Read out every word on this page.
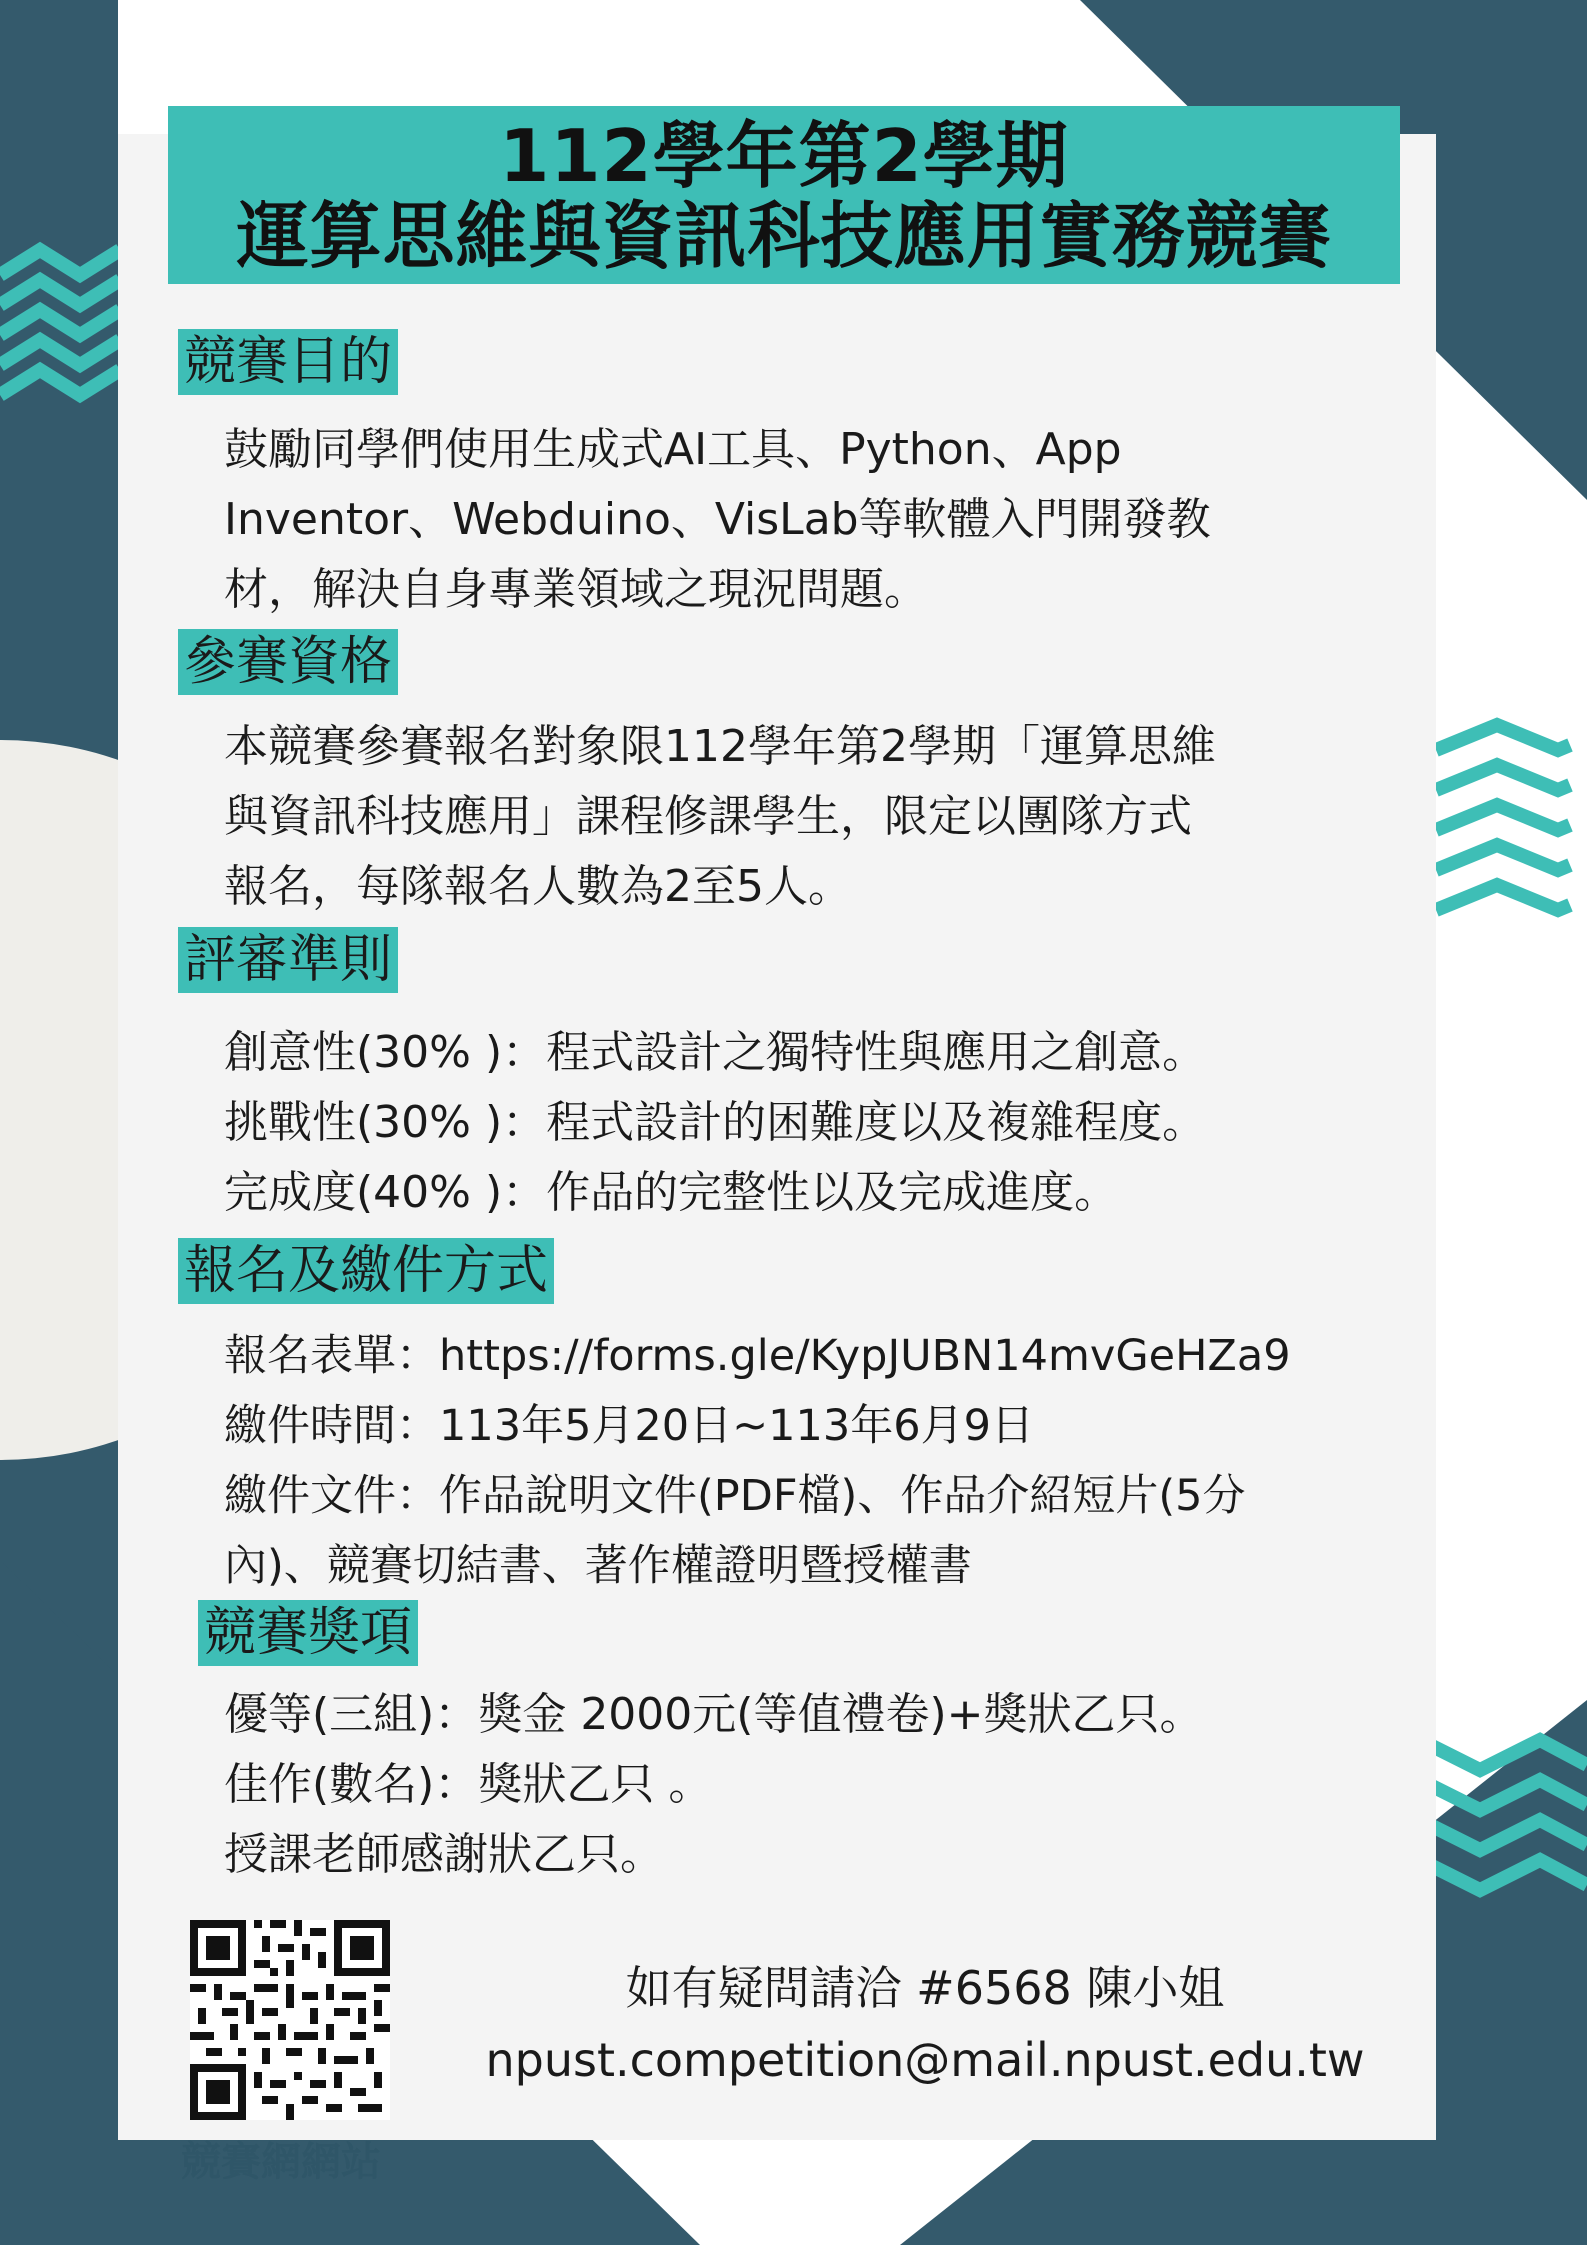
112學年第2學期
運算思維與資訊科技應用實務競賽
競賽目的
鼓勵同學們使用生成式AI工具、Python、App
Inventor、Webduino、VisLab等軟體入門開發教
材，解決自身專業領域之現況問題。
參賽資格
本競賽參賽報名對象限112學年第2學期「運算思維
與資訊科技應用」課程修課學生，限定以團隊方式
報名，每隊報名人數為2至5人。
評審準則
創意性(30% )：程式設計之獨特性與應用之創意。
挑戰性(30% )：程式設計的困難度以及複雜程度。
完成度(40% )：作品的完整性以及完成進度。
報名及繳件方式
報名表單：https://forms.gle/KypJUBN14mvGeHZa9
繳件時間：113年5月20日~113年6月9日
繳件文件：作品說明文件(PDF檔)、作品介紹短片(5分
內)、競賽切結書、著作權證明暨授權書
競賽獎項
優等(三組)：獎金 2000元(等值禮卷)+獎狀乙只。
佳作(數名)：獎狀乙只 。
授課老師感謝狀乙只。
競賽網網站
如有疑問請洽 #6568 陳小姐
npust.competition@mail.npust.edu.tw
